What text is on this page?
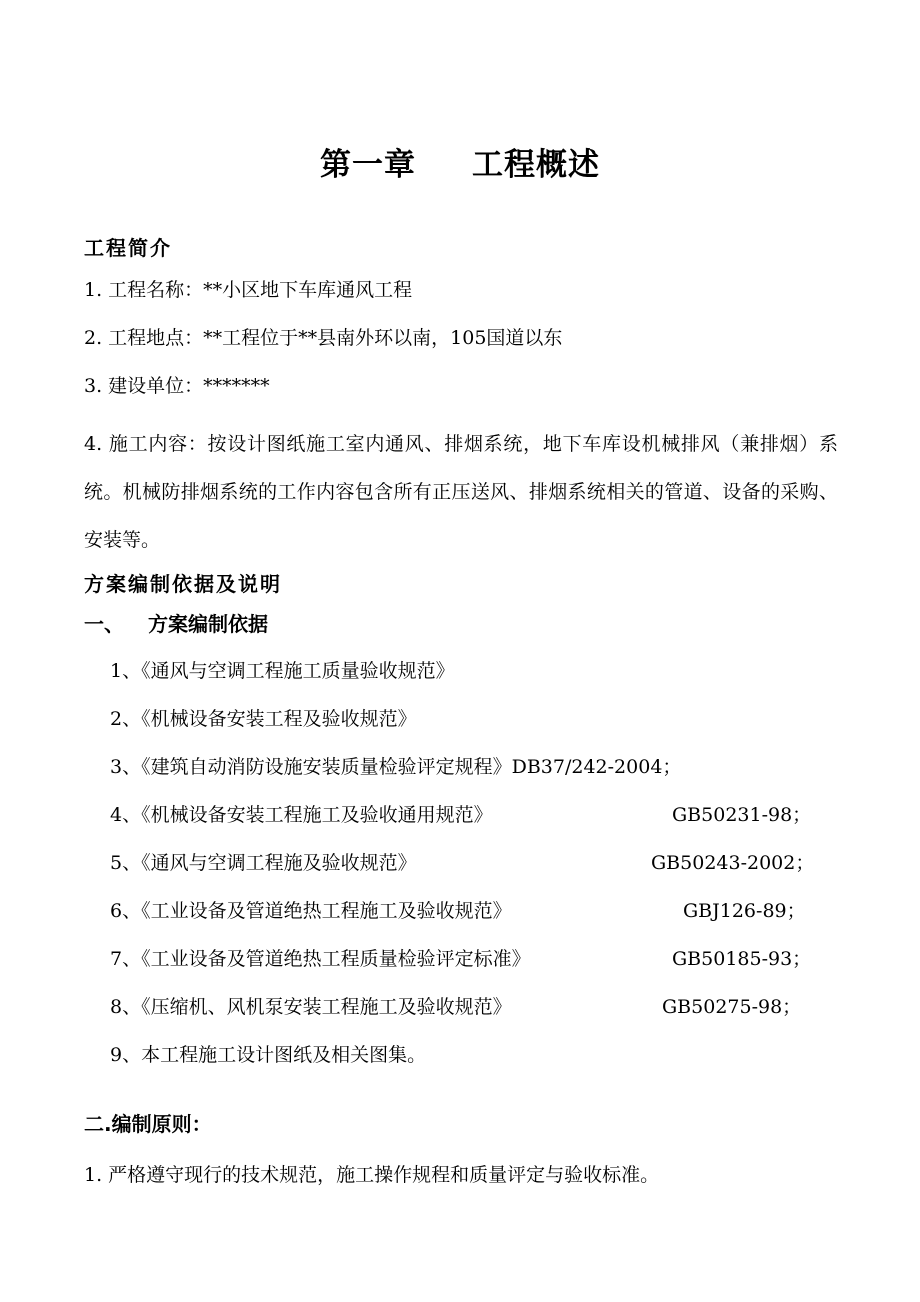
第一章 工程概述
工程简介
1. 工程名称：**小区地下车库通风工程
2. 工程地点：**工程位于**县南外环以南，105国道以东
3. 建设单位：*******
4. 施工内容：按设计图纸施工室内通风、排烟系统，地下车库设机械排风（兼排烟）系统。机械防排烟系统的工作内容包含所有正压送风、排烟系统相关的管道、设备的采购、安装等。
方案编制依据及说明
一、 方案编制依据
1、《通风与空调工程施工质量验收规范》
2、《机械设备安装工程及验收规范》
3、《建筑自动消防设施安装质量检验评定规程》DB37/242-2004；
4、《机械设备安装工程施工及验收通用规范》	GB50231-98；
5、《通风与空调工程施及验收规范》	GB50243-2002；
6、《工业设备及管道绝热工程施工及验收规范》	GBJ126-89；
7、《工业设备及管道绝热工程质量检验评定标准》	GB50185-93；
8、《压缩机、风机泵安装工程施工及验收规范》	GB50275-98；
9、本工程施工设计图纸及相关图集。
二.编制原则：
1. 严格遵守现行的技术规范，施工操作规程和质量评定与验收标准。
